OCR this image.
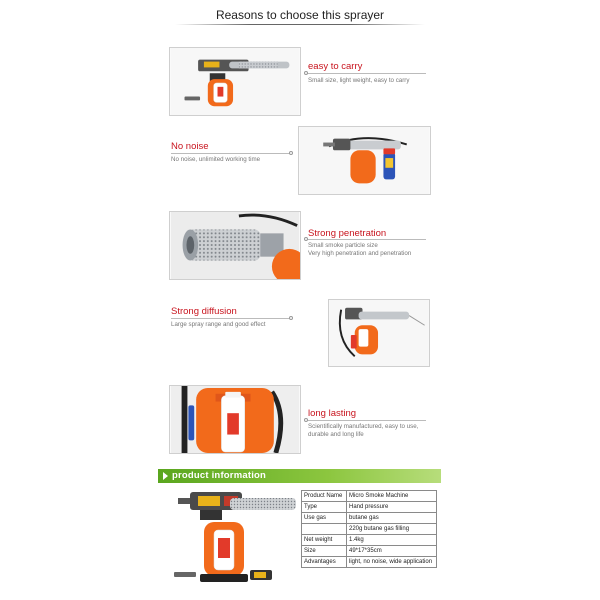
Reasons to choose this sprayer
easy to carry
Small size, light weight, easy to carry
No noise
No noise, unlimited working time
Strong penetration
Small smoke particle size
Very high penetration and penetration
Strong diffusion
Large spray range and good effect
long lasting
Scientifically manufactured, easy to use,
durable and long life
product information
Product Name	Micro Smoke Machine
Type	Hand pressure
Use gas	butane gas
	220g butane gas filling
Net weight	1.4kg
Size	49*17*35cm
Advantages	light, no noise, wide application
